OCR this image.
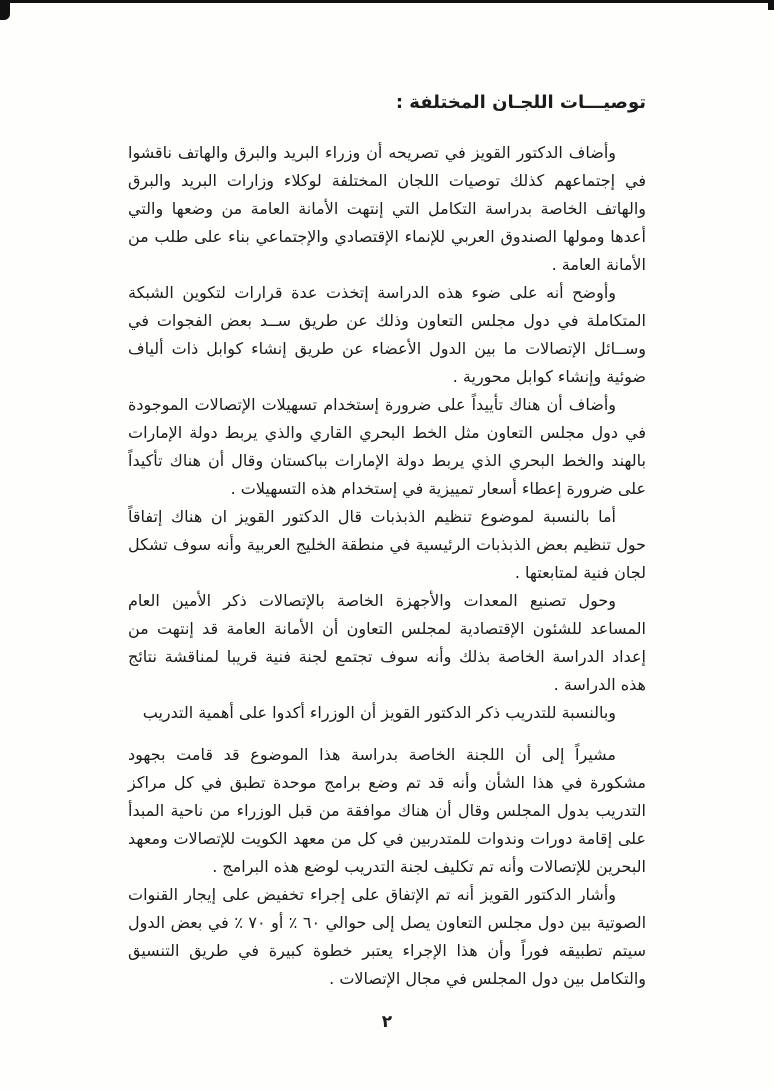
توصيـــات اللجـان المختلفة :

وأضاف الدكتور القويز في تصريحه أن وزراء البريد والبرق والهاتف ناقشوا في إجتماعهم كذلك توصيات اللجان المختلفة لوكلاء وزارات البريد والبرق والهاتف الخاصة بدراسة التكامل التي إنتهت الأمانة العامة من وضعها والتي أعدها ومولها الصندوق العربي للإنماء الإقتصادي والإجتماعي بناء على طلب من الأمانة العامة .

وأوضح أنه على ضوء هذه الدراسة إتخذت عدة قرارات لتكوين الشبكة المتكاملة في دول مجلس التعاون وذلك عن طريق ســد بعض الفجوات في وســائل الإتصالات ما بين الدول الأعضاء عن طريق إنشاء كوابل ذات ألياف ضوئية وإنشاء كوابل محورية .

وأضاف أن هناك تأييداً على ضرورة إستخدام تسهيلات الإتصالات الموجودة في دول مجلس التعاون مثل الخط البحري القاري والذي يربط دولة الإمارات بالهند والخط البحري الذي يربط دولة الإمارات بباكستان وقال أن هناك تأكيداً على ضرورة إعطاء أسعار تمييزية في إستخدام هذه التسهيلات .

أما بالنسبة لموضوع تنظيم الذبذبات قال الدكتور القويز ان هناك إتفاقاً حول تنظيم بعض الذبذبات الرئيسية في منطقة الخليج العربية وأنه سوف تشكل لجان فنية لمتابعتها .

وحول تصنيع المعدات والأجهزة الخاصة بالإتصالات ذكر الأمين العام المساعد للشئون الإقتصادية لمجلس التعاون أن الأمانة العامة قد إنتهت من إعداد الدراسة الخاصة بذلك وأنه سوف تجتمع لجنة فنية قريبا لمناقشة نتائج هذه الدراسة .

وبالنسبة للتدريب ذكر الدكتور القويز أن الوزراء أكدوا على أهمية التدريب

مشيراً إلى أن اللجنة الخاصة بدراسة هذا الموضوع قد قامت بجهود مشكورة في هذا الشأن وأنه قد تم وضع برامج موحدة تطبق في كل مراكز التدريب بدول المجلس وقال أن هناك موافقة من قبل الوزراء من ناحية المبدأ على إقامة دورات وندوات للمتدربين في كل من معهد الكويت للإتصالات ومعهد البحرين للإتصالات وأنه تم تكليف لجنة التدريب لوضع هذه البرامج .

وأشار الدكتور القويز أنه تم الإتفاق على إجراء تخفيض على إيجار القنوات الصوتية بين دول مجلس التعاون يصل إلى حوالي ٦٠ ٪ أو ٧٠ ٪ في بعض الدول سيتم تطبيقه فوراً وأن هذا الإجراء يعتبر خطوة كبيرة في طريق التنسيق والتكامل بين دول المجلس في مجال الإتصالات .

٢
